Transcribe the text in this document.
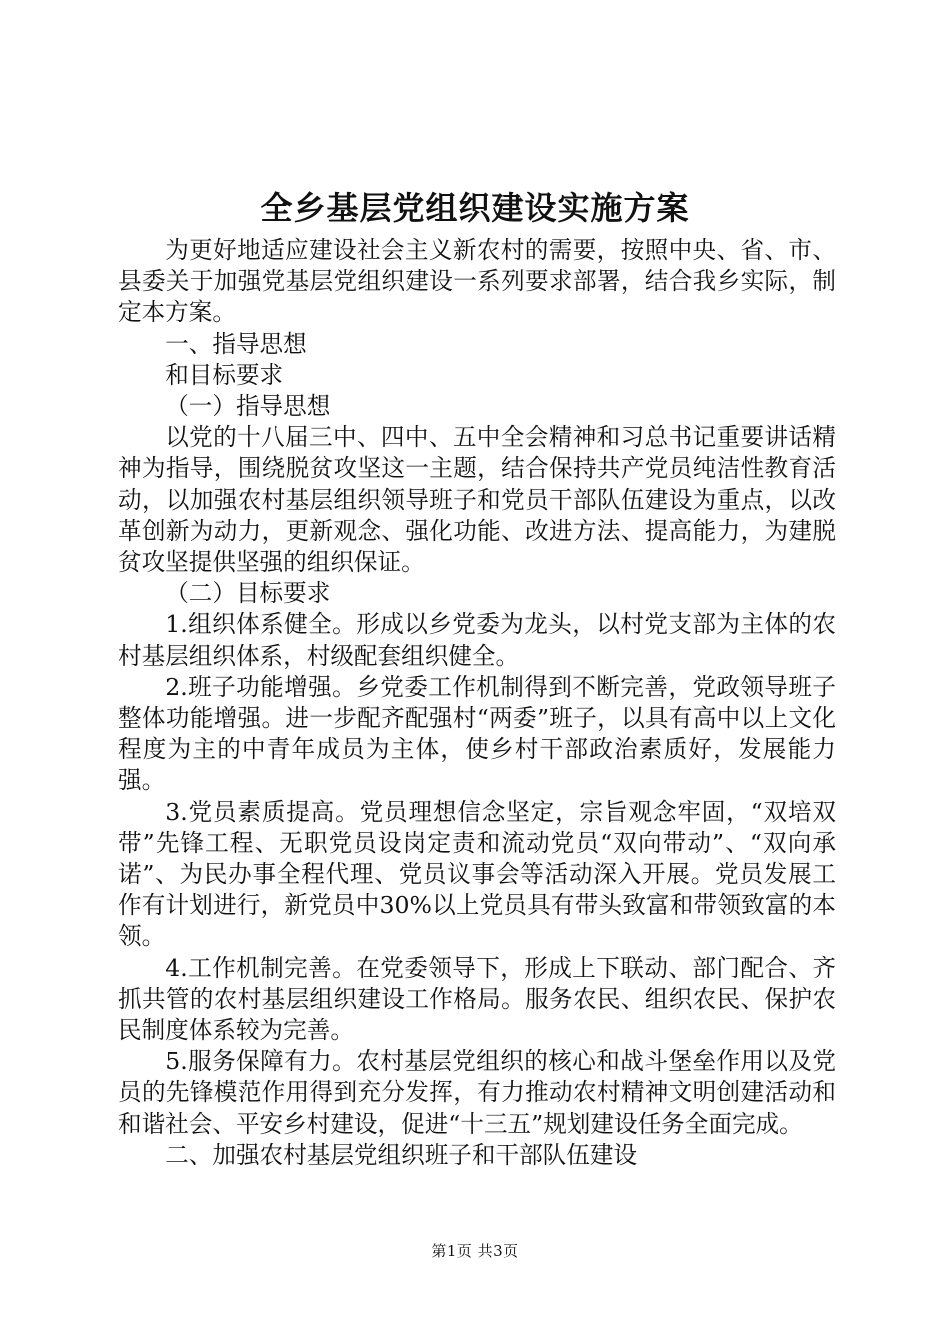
全乡基层党组织建设实施方案

为更好地适应建设社会主义新农村的需要，按照中央、省、市、县委关于加强党基层党组织建设一系列要求部署，结合我乡实际，制定本方案。

一、指导思想

和目标要求

（一）指导思想

以党的十八届三中、四中、五中全会精神和习总书记重要讲话精神为指导，围绕脱贫攻坚这一主题，结合保持共产党员纯洁性教育活动，以加强农村基层组织领导班子和党员干部队伍建设为重点，以改革创新为动力，更新观念、强化功能、改进方法、提高能力，为建脱贫攻坚提供坚强的组织保证。

（二）目标要求

1.组织体系健全。形成以乡党委为龙头，以村党支部为主体的农村基层组织体系，村级配套组织健全。

2.班子功能增强。乡党委工作机制得到不断完善，党政领导班子整体功能增强。进一步配齐配强村“两委”班子，以具有高中以上文化程度为主的中青年成员为主体，使乡村干部政治素质好，发展能力强。

3.党员素质提高。党员理想信念坚定，宗旨观念牢固，“双培双带”先锋工程、无职党员设岗定责和流动党员“双向带动”、“双向承诺”、为民办事全程代理、党员议事会等活动深入开展。党员发展工作有计划进行，新党员中30%以上党员具有带头致富和带领致富的本领。

4.工作机制完善。在党委领导下，形成上下联动、部门配合、齐抓共管的农村基层组织建设工作格局。服务农民、组织农民、保护农民制度体系较为完善。

5.服务保障有力。农村基层党组织的核心和战斗堡垒作用以及党员的先锋模范作用得到充分发挥，有力推动农村精神文明创建活动和和谐社会、平安乡村建设，促进“十三五”规划建设任务全面完成。

二、加强农村基层党组织班子和干部队伍建设

第1页 共3页
